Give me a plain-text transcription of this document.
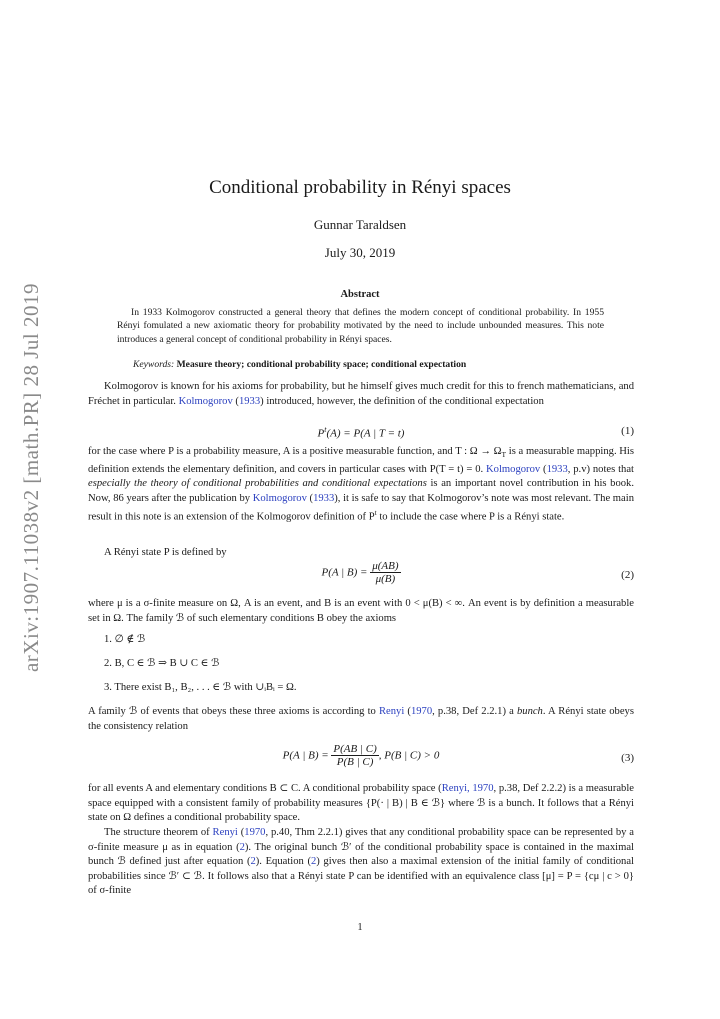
arXiv:1907.11038v2 [math.PR] 28 Jul 2019
Conditional probability in Rényi spaces
Gunnar Taraldsen
July 30, 2019
Abstract
In 1933 Kolmogorov constructed a general theory that defines the modern concept of conditional probability. In 1955 Rényi fomulated a new axiomatic theory for probability motivated by the need to include unbounded measures. This note introduces a general concept of conditional probability in Rényi spaces.
Keywords: Measure theory; conditional probability space; conditional expectation
Kolmogorov is known for his axioms for probability, but he himself gives much credit for this to french mathematicians, and Fréchet in particular. Kolmogorov (1933) introduced, however, the definition of the conditional expectation
$P^t(A) = P(A$ | T = t)	(1)
for the case where P is a probability measure, A is a positive measurable function, and T : $\Omega \to \Omega_T$ is a measurable mapping. His definition extends the elementary definition, and covers in particular cases with P(T = t) = 0. Kolmogorov (1933, p.v) notes that especially the theory of conditional probabilities and conditional expectations is an important novel contribution in his book. Now, 86 years after the publication by Kolmogorov (1933), it is safe to say that Kolmogorov’s note was most relevant. The main result in this note is an extension of the Kolmogorov definition of $P^t$ to include the case where P is a Rényi state.
A Rényi state P is defined by
P(A | $B) = \frac{\mu(AB)}{\mu(B)}$	(2)
where μ is a σ-finite measure on Ω, A is an event, and B is an event with 0 < μ(B) < ∞. An event is by definition a measurable set in Ω. The family ℬ of such elementary conditions B obey the axioms
1. ∅ ∉ ℬ
2. B, C ∈ ℬ ⇒ B ∪ C ∈ ℬ
3. There exist B₁, B₂, . . . ∈ ℬ with ∪ᵢBᵢ = Ω.
A family ℬ of events that obeys these three axioms is according to Renyi (1970, p.38, Def 2.2.1) a bunch. A Rényi state obeys the consistency relation
P(A | $B) = \frac{P(AB | C)}{P(B | C)}$ , P(B | C) > 0	(3)
for all events A and elementary conditions B ⊂ C. A conditional probability space (Renyi, 1970, p.38, Def 2.2.2) is a measurable space equipped with a consistent family of probability measures {P(· | B) | B ∈ ℬ} where ℬ is a bunch. It follows that a Rényi state on Ω defines a conditional probability space.
The structure theorem of Renyi (1970, p.40, Thm 2.2.1) gives that any conditional probability space can be represented by a σ-finite measure μ as in equation (2). The original bunch ℬ′ of the conditional probability space is contained in the maximal bunch ℬ defined just after equation (2). Equation (2) gives then also a maximal extension of the initial family of conditional probabilities since ℬ′ ⊂ ℬ. It follows also that a Rényi state P can be identified with an equivalence class [μ] = P = {cμ | c > 0} of σ-finite
1
